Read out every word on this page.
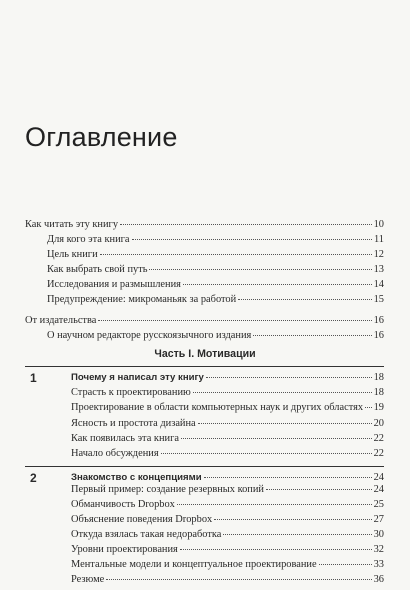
Оглавление
Как читать эту книгу	10
Для кого эта книга	11
Цель книги	12
Как выбрать свой путь	13
Исследования и размышления	14
Предупреждение: микроманьяк за работой	15
От издательства	16
О научном редакторе русскоязычного издания	16
Часть I. Мотивации
1	Почему я написал эту книгу	18
Страсть к проектированию	18
Проектирование в области компьютерных наук и других областях 19
Ясность и простота дизайна	20
Как появилась эта книга	22
Начало обсуждения	22
2	Знакомство с концепциями	24
Первый пример: создание резервных копий	24
Обманчивость Dropbox	25
Объяснение поведения Dropbox	27
Откуда взялась такая недоработка	30
Уровни проектирования	32
Ментальные модели и концептуальное проектирование	33
Резюме	36
